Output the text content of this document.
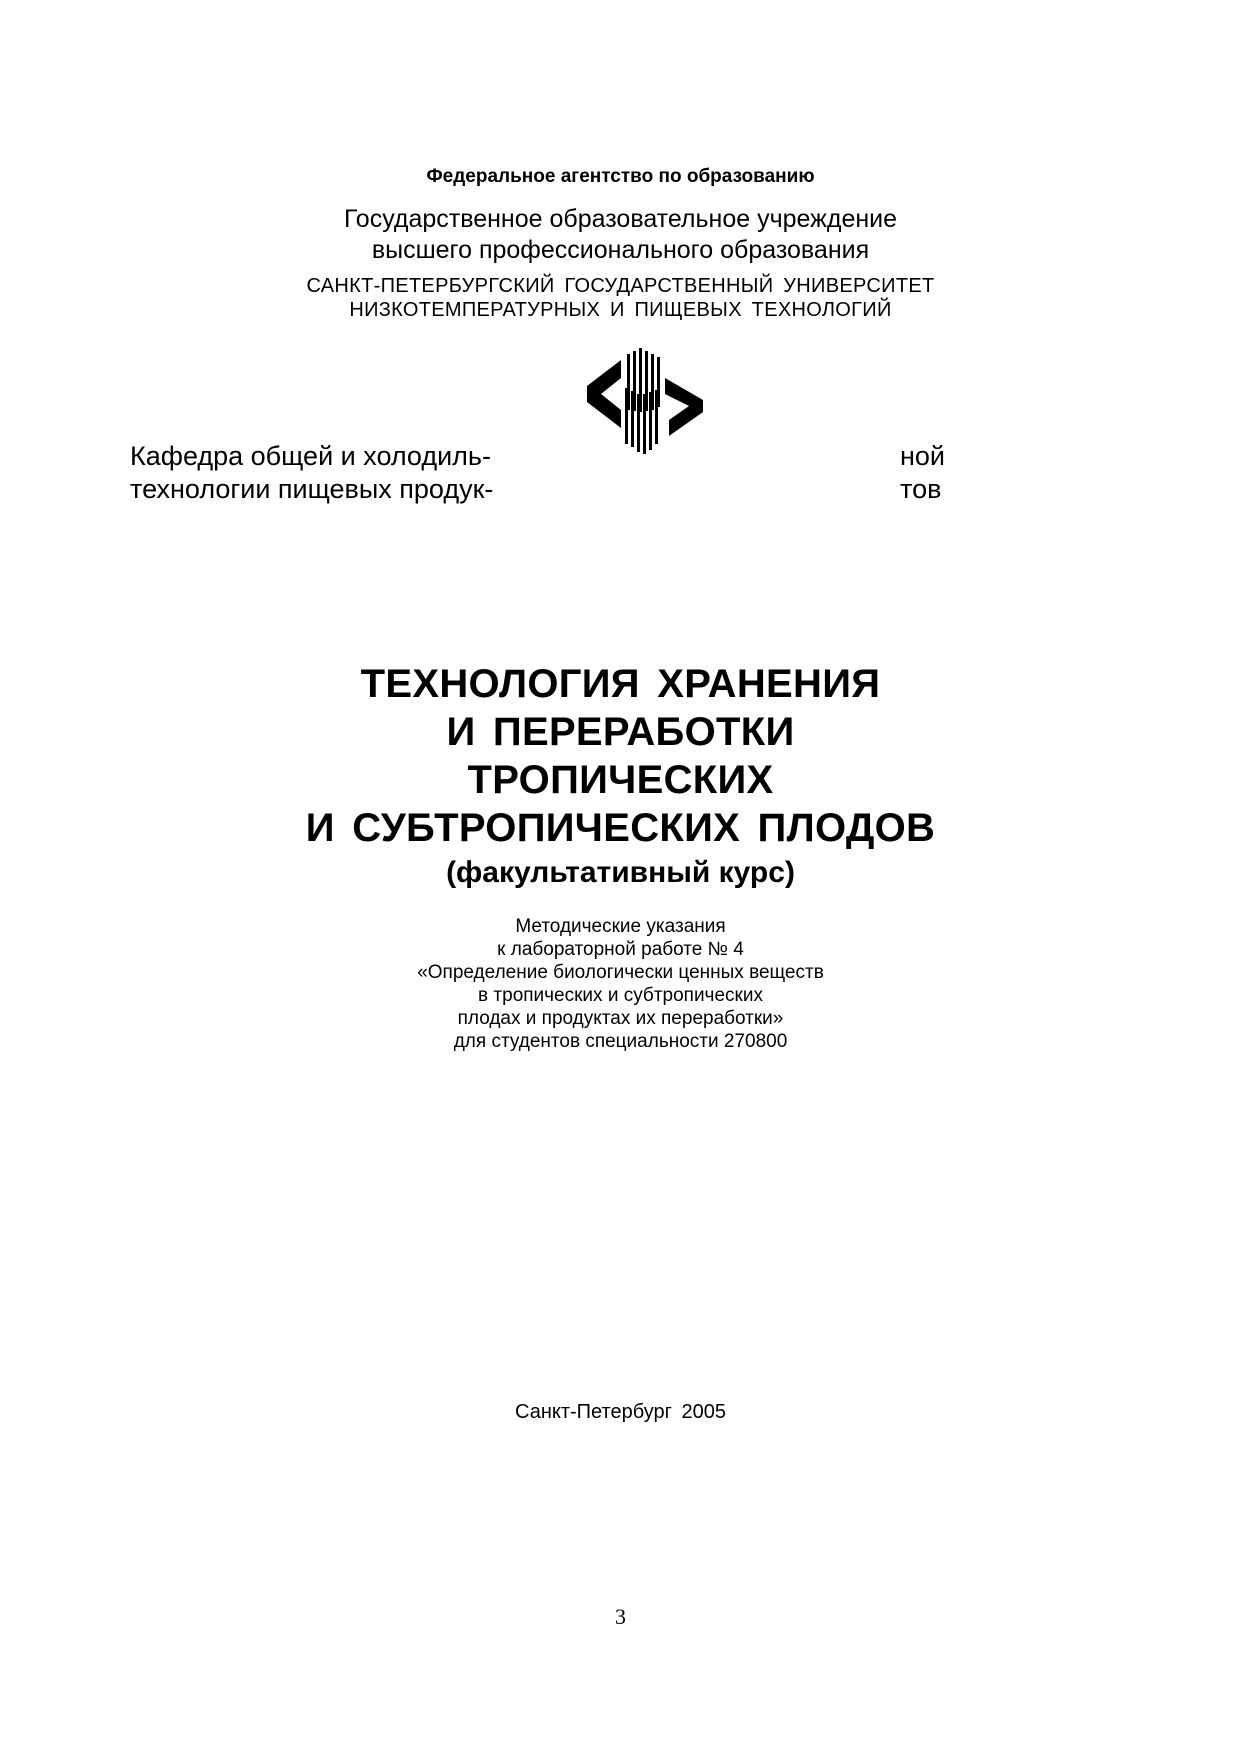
Федеральное агентство по образованию
Государственное образовательное учреждение
высшего профессионального образования
САНКТ-ПЕТЕРБУРГСКИЙ ГОСУДАРСТВЕННЫЙ УНИВЕРСИТЕТ
НИЗКОТЕМПЕРАТУРНЫХ И ПИЩЕВЫХ ТЕХНОЛОГИЙ
Кафедра общей и холодиль-
технологии пищевых продук-
ной
тов
ТЕХНОЛОГИЯ ХРАНЕНИЯ
И ПЕРЕРАБОТКИ
ТРОПИЧЕСКИХ
И СУБТРОПИЧЕСКИХ ПЛОДОВ
(факультативный курс)
Методические указания
к лабораторной работе № 4
«Определение биологически ценных веществ
в тропических и субтропических
плодах и продуктах их переработки»
для студентов специальности 270800
Санкт-Петербург 2005
3
